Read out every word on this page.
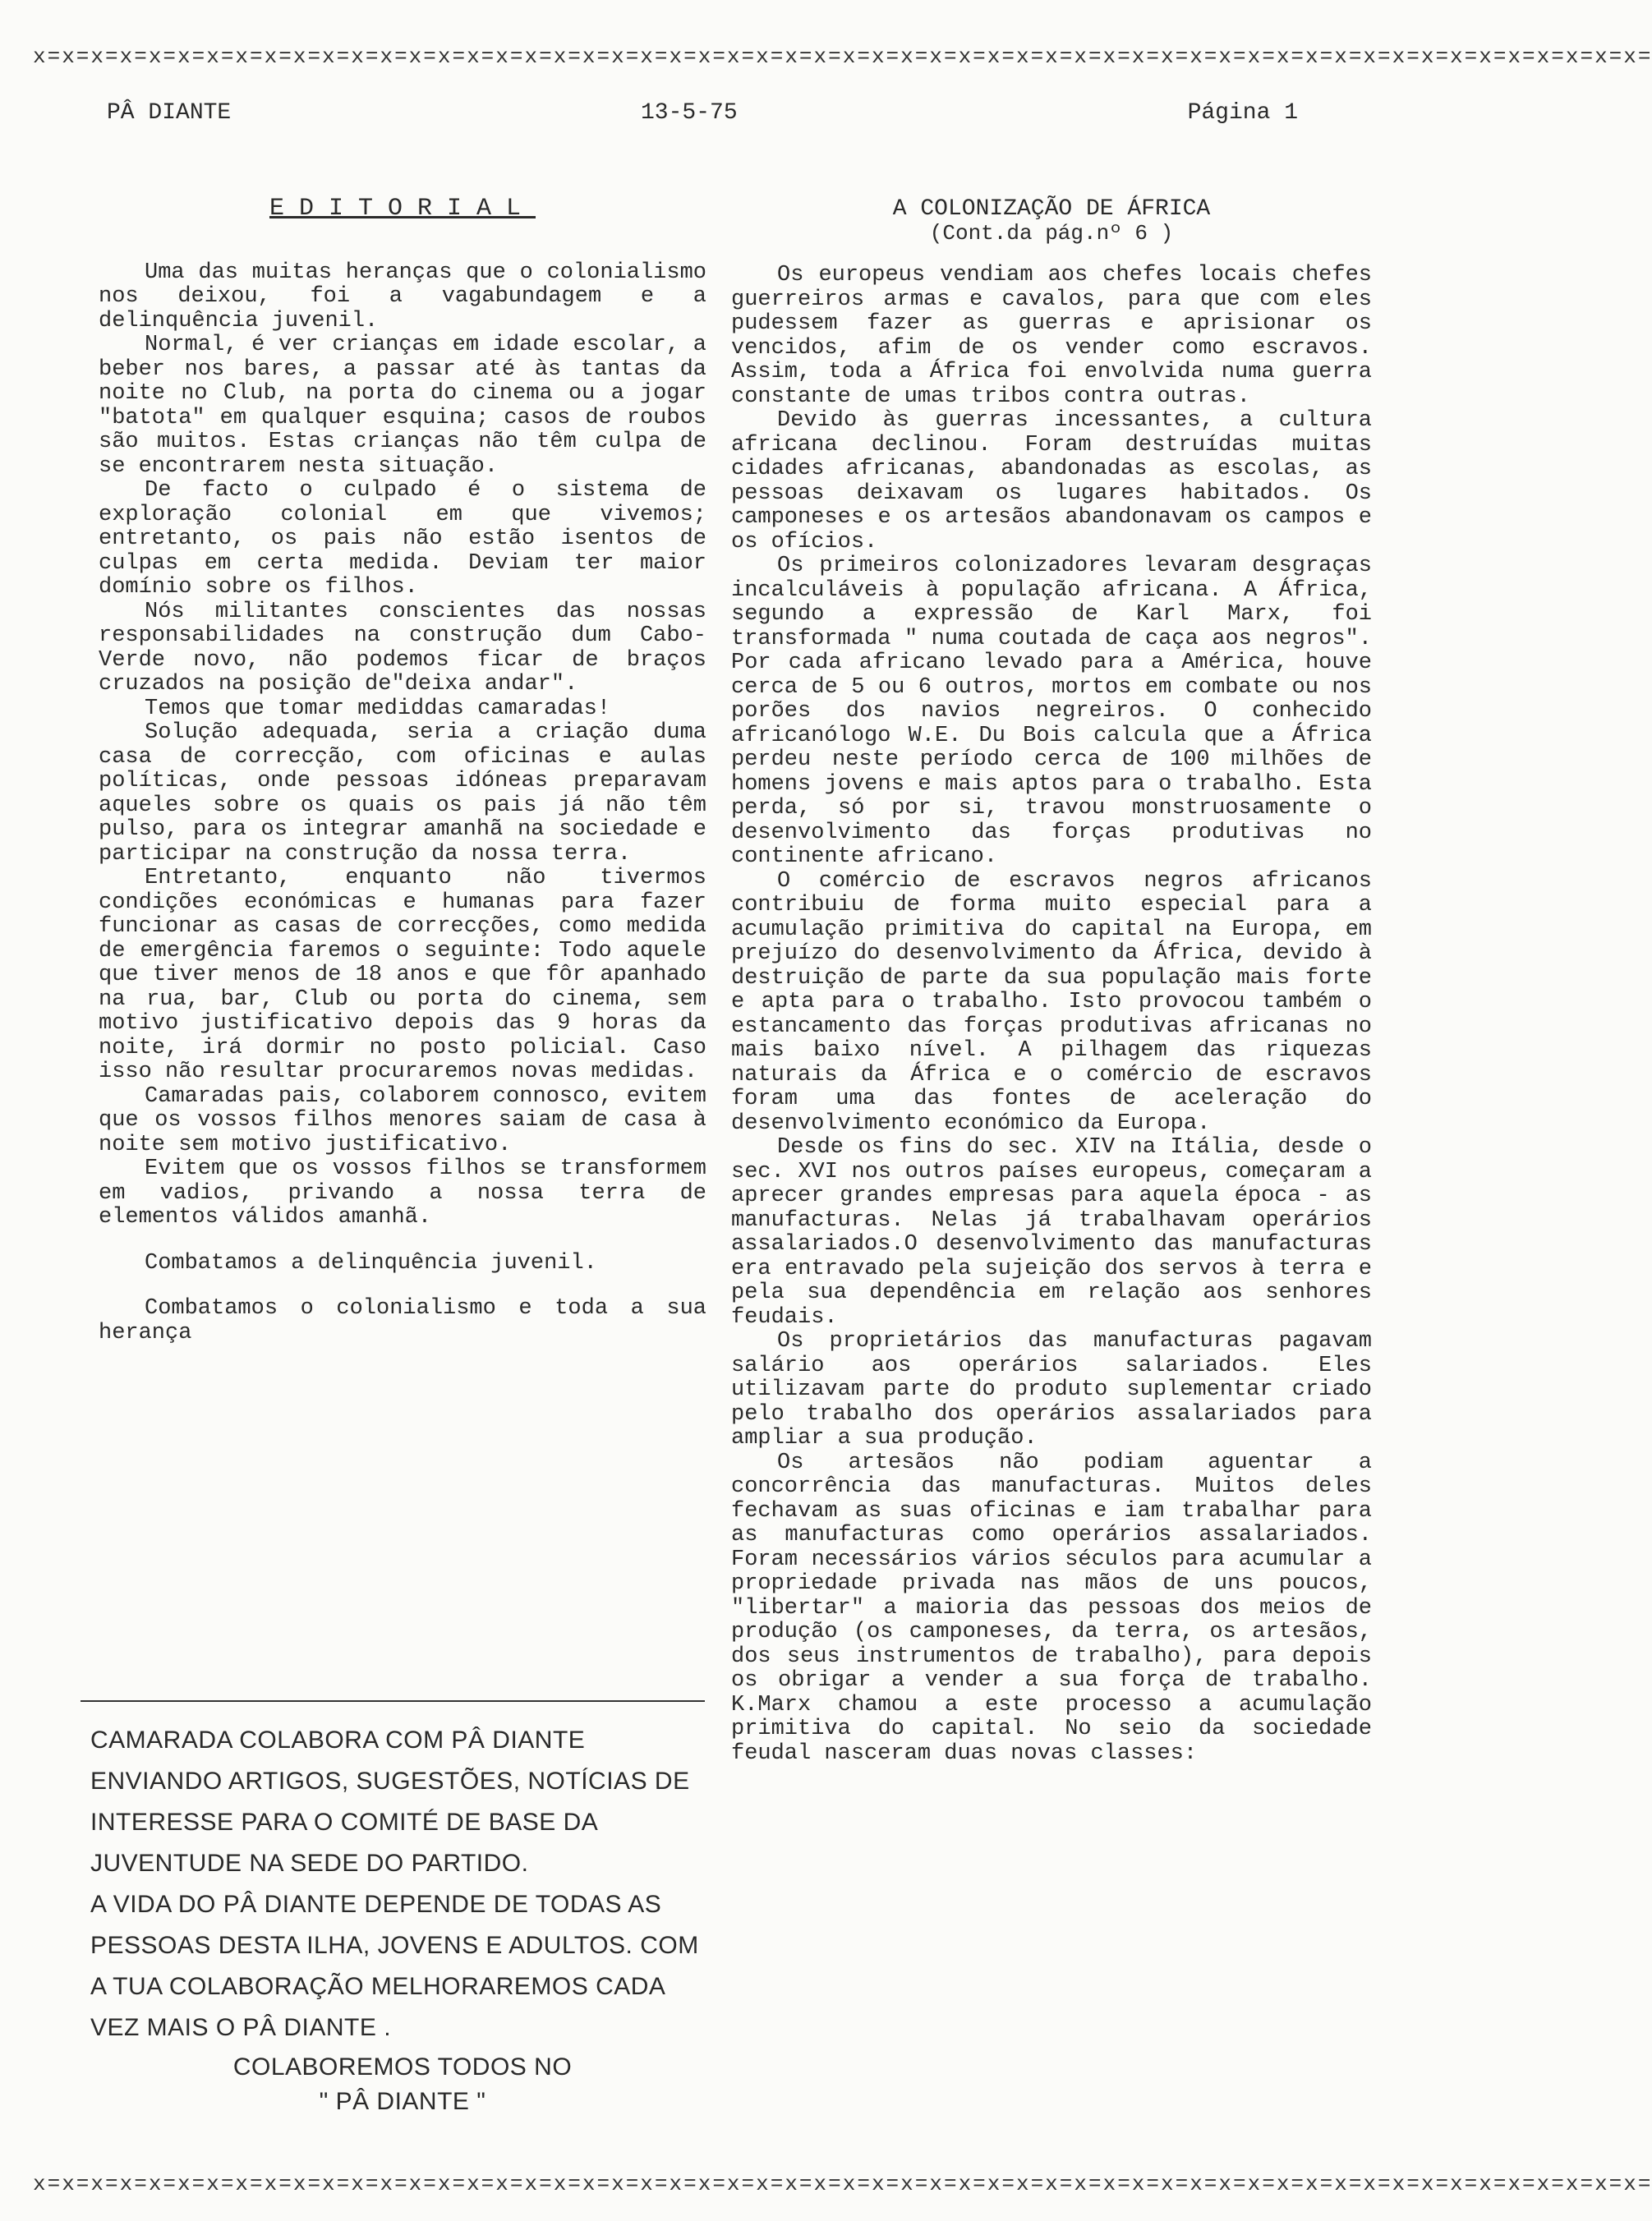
x=x=x=x=x=x=x=x=x=x=x=x=x=x=x=x=x=x=x=x=x=x=x=x=x=x=x=x=x=x=x=x=x=x=x=x=x=x=x=x=x=x=x=x=x=x=x=x=x=x=x=x=x=x=x=x=
PÂ DIANTE	13-5-75	Página 1
EDITORIAL

Uma das muitas heranças que o colonialismo nos deixou, foi a vagabundagem e a delinquência juvenil.

Normal, é ver crianças em idade escolar, a beber nos bares, a passar até às tantas da noite no Club, na porta do cinema ou a jogar "batota" em qualquer esquina; casos de roubos são muitos. Estas crianças não têm culpa de se encontrarem nesta situação.

De facto o culpado é o sistema de exploração colonial em que vivemos; entretanto, os pais não estão isentos de culpas em certa medida. Deviam ter maior domínio sobre os filhos.

Nós militantes conscientes das nossas responsabilidades na construção dum Cabo-Verde novo, não podemos ficar de braços cruzados na posição de"deixa andar".

Temos que tomar mediddas camaradas!

Solução adequada, seria a criação duma casa de correcção, com oficinas e aulas políticas, onde pessoas idóneas preparavam aqueles sobre os quais os pais já não têm pulso, para os integrar amanhã na sociedade e participar na construção da nossa terra.

Entretanto, enquanto não tivermos condições económicas e humanas para fazer funcionar as casas de correcções, como medida de emergência faremos o seguinte: Todo aquele que tiver menos de 18 anos e que fôr apanhado na rua, bar, Club ou porta do cinema, sem motivo justificativo depois das 9 horas da noite, irá dormir no posto policial. Caso isso não resultar procuraremos novas medidas.

Camaradas pais, colaborem connosco, evitem que os vossos filhos menores saiam de casa à noite sem motivo justificativo.

Evitem que os vossos filhos se transformem em vadios, privando a nossa terra de elementos válidos amanhã.

Combatamos a delinquência juvenil.

Combatamos o colonialismo e toda a sua herança

CAMARADA COLABORA COM PÂ DIANTE ENVIANDO ARTIGOS, SUGESTÕES, NOTÍCIAS DE INTERESSE PARA O COMITÉ DE BASE DA JUVENTUDE NA SEDE DO PARTIDO.

A VIDA DO PÂ DIANTE DEPENDE DE TODAS AS PESSOAS DESTA ILHA, JOVENS E ADULTOS. COM A TUA COLABORAÇÃO MELHORAREMOS CADA VEZ MAIS O PÂ DIANTE .

COLABOREMOS TODOS NO

" PÂ DIANTE "

A COLONIZAÇÃO DE ÁFRICA
(Cont.da pág.nº 6 )

Os europeus vendiam aos chefes locais chefes guerreiros armas e cavalos, para que com eles pudessem fazer as guerras e aprisionar os vencidos, afim de os vender como escravos. Assim, toda a África foi envolvida numa guerra constante de umas tribos contra outras.

Devido às guerras incessantes, a cultura africana declinou. Foram destruídas muitas cidades africanas, abandonadas as escolas, as pessoas deixavam os lugares habitados. Os camponeses e os artesãos abandonavam os campos e os ofícios.

Os primeiros colonizadores levaram desgraças incalculáveis à população africana. A África, segundo a expressão de Karl Marx, foi transformada " numa coutada de caça aos negros". Por cada africano levado para a América, houve cerca de 5 ou 6 outros, mortos em combate ou nos porões dos navios negreiros. O conhecido africanólogo W.E. Du Bois calcula que a África perdeu neste período cerca de 100 milhões de homens jovens e mais aptos para o trabalho. Esta perda, só por si, travou monstruosamente o desenvolvimento das forças produtivas no continente africano.

O comércio de escravos negros africanos contribuiu de forma muito especial para a acumulação primitiva do capital na Europa, em prejuízo do desenvolvimento da África, devido à destruição de parte da sua população mais forte e apta para o trabalho. Isto provocou também o estancamento das forças produtivas africanas no mais baixo nível. A pilhagem das riquezas naturais da África e o comércio de escravos foram uma das fontes de aceleração do desenvolvimento económico da Europa.

Desde os fins do sec. XIV na Itália, desde o sec. XVI nos outros países europeus, começaram a aprecer grandes empresas para aquela época - as manufacturas. Nelas já trabalhavam operários assalariados.O desenvolvimento das manufacturas era entravado pela sujeição dos servos à terra e pela sua dependência em relação aos senhores feudais.

Os proprietários das manufacturas pagavam salário aos operários salariados. Eles utilizavam parte do produto suplementar criado pelo trabalho dos operários assalariados para ampliar a sua produção.

Os artesãos não podiam aguentar a concorrência das manufacturas. Muitos deles fechavam as suas oficinas e iam trabalhar para as manufacturas como operários assalariados. Foram necessários vários séculos para acumular a propriedade privada nas mãos de uns poucos, "libertar" a maioria das pessoas dos meios de produção (os camponeses, da terra, os artesãos, dos seus instrumentos de trabalho), para depois os obrigar a vender a sua força de trabalho. K.Marx chamou a este processo a acumulação primitiva do capital. No seio da sociedade feudal nasceram duas novas classes:

x=x=x=x=x=x=x=x=x=x=x=x=x=x=x=x=x=x=x=x=x=x=x=x=x=x=x=x=x=x=x=x=x=x=x=x=x=x=x=x=x=x=x=x=x=x=x=x=x=x=x=x=x=x=x=x=
